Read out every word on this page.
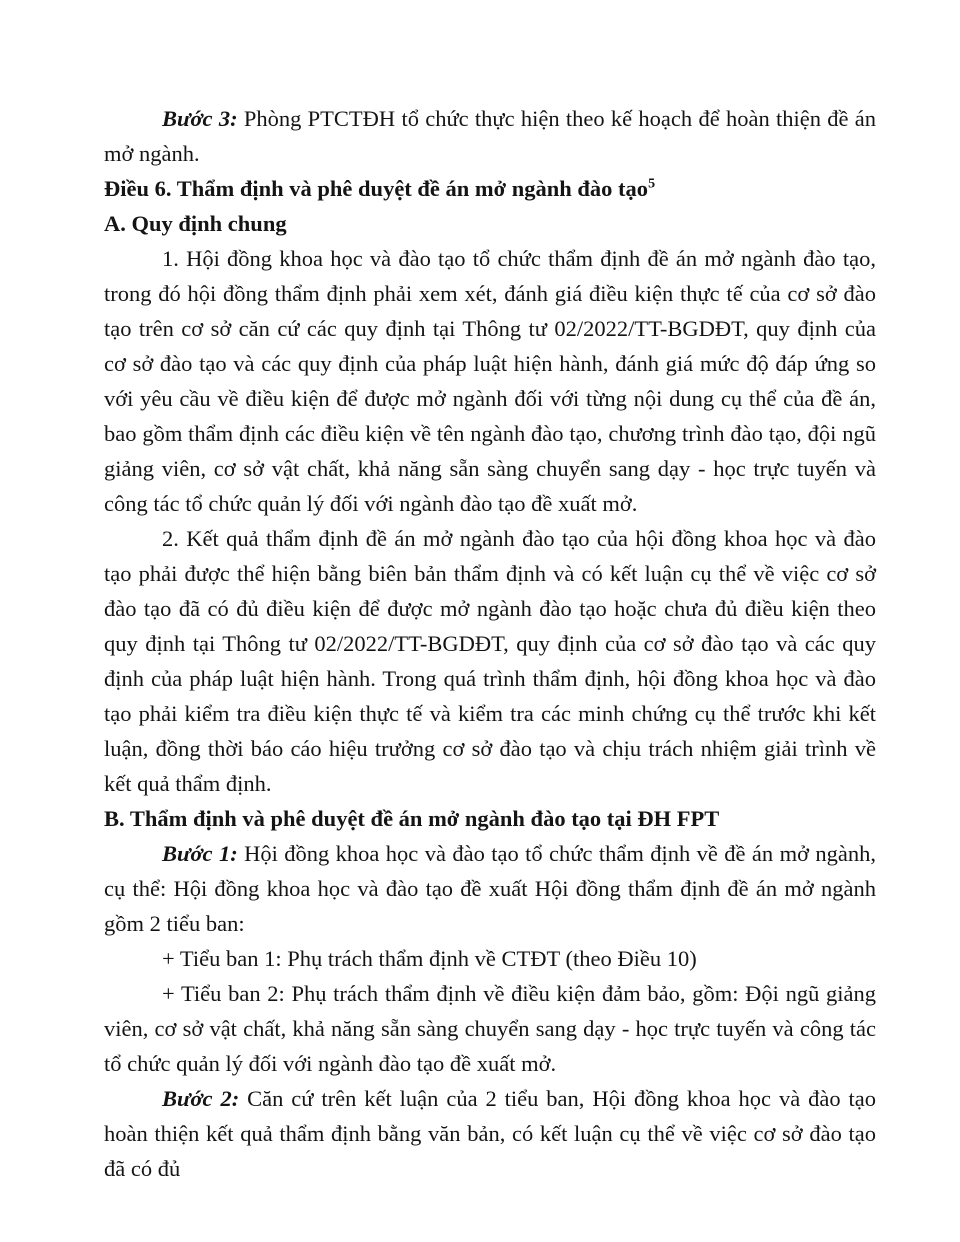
Bước 3: Phòng PTCTĐH tổ chức thực hiện theo kế hoạch để hoàn thiện đề án mở ngành.

Điều 6. Thẩm định và phê duyệt đề án mở ngành đào tạo$^5$

A. Quy định chung

1. Hội đồng khoa học và đào tạo tổ chức thẩm định đề án mở ngành đào tạo, trong đó hội đồng thẩm định phải xem xét, đánh giá điều kiện thực tế của cơ sở đào tạo trên cơ sở căn cứ các quy định tại Thông tư 02/2022/TT-BGDĐT, quy định của cơ sở đào tạo và các quy định của pháp luật hiện hành, đánh giá mức độ đáp ứng so với yêu cầu về điều kiện để được mở ngành đối với từng nội dung cụ thể của đề án, bao gồm thẩm định các điều kiện về tên ngành đào tạo, chương trình đào tạo, đội ngũ giảng viên, cơ sở vật chất, khả năng sẵn sàng chuyển sang dạy - học trực tuyến và công tác tổ chức quản lý đối với ngành đào tạo đề xuất mở.

2. Kết quả thẩm định đề án mở ngành đào tạo của hội đồng khoa học và đào tạo phải được thể hiện bằng biên bản thẩm định và có kết luận cụ thể về việc cơ sở đào tạo đã có đủ điều kiện để được mở ngành đào tạo hoặc chưa đủ điều kiện theo quy định tại Thông tư 02/2022/TT-BGDĐT, quy định của cơ sở đào tạo và các quy định của pháp luật hiện hành. Trong quá trình thẩm định, hội đồng khoa học và đào tạo phải kiểm tra điều kiện thực tế và kiểm tra các minh chứng cụ thể trước khi kết luận, đồng thời báo cáo hiệu trưởng cơ sở đào tạo và chịu trách nhiệm giải trình về kết quả thẩm định.

B. Thẩm định và phê duyệt đề án mở ngành đào tạo tại ĐH FPT

Bước 1: Hội đồng khoa học và đào tạo tổ chức thẩm định về đề án mở ngành, cụ thể: Hội đồng khoa học và đào tạo đề xuất Hội đồng thẩm định đề án mở ngành gồm 2 tiểu ban:

+ Tiểu ban 1: Phụ trách thẩm định về CTĐT (theo Điều 10)

+ Tiểu ban 2: Phụ trách thẩm định về điều kiện đảm bảo, gồm: Đội ngũ giảng viên, cơ sở vật chất, khả năng sẵn sàng chuyển sang dạy - học trực tuyến và công tác tổ chức quản lý đối với ngành đào tạo đề xuất mở.

Bước 2: Căn cứ trên kết luận của 2 tiểu ban, Hội đồng khoa học và đào tạo hoàn thiện kết quả thẩm định bằng văn bản, có kết luận cụ thể về việc cơ sở đào tạo đã có đủ
